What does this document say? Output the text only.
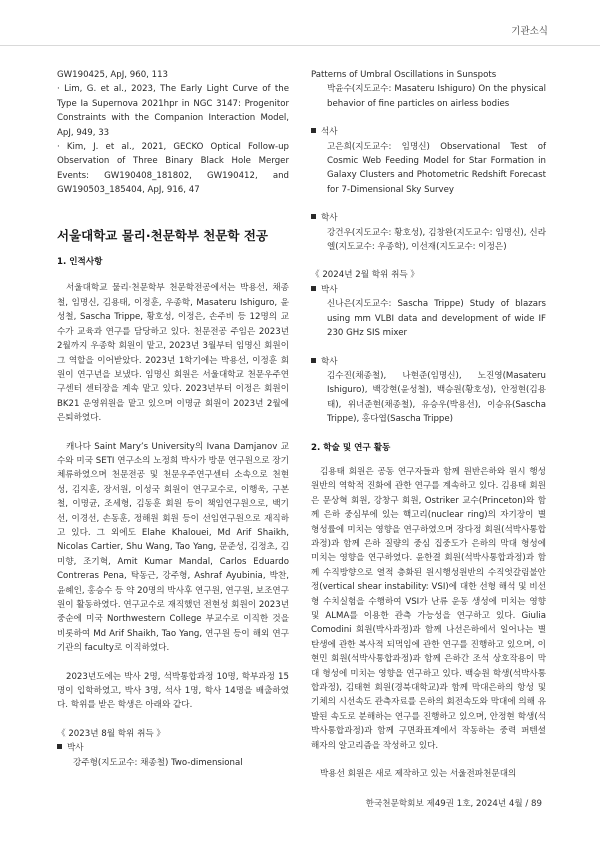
기관소식

GW190425, ApJ, 960, 113

· Lim, G. et al., 2023, The Early Light Curve of the Type Ia Supernova 2021hpr in NGC 3147: Progenitor Constraints with the Companion Interaction Model, ApJ, 949, 33

· Kim, J. et al., 2021, GECKO Optical Follow-up Observation of Three Binary Black Hole Merger Events: GW190408_181802, GW190412, and GW190503_185404, ApJ, 916, 47

서울대학교 물리·천문학부 천문학 전공

1. 인적사항

서울대학교 물리·천문학부 천문학전공에서는 박용선, 채종철, 임명신, 김용태, 이정훈, 우종학, Masateru Ishiguro, 윤성철, Sascha Trippe, 황호성, 이정은, 손주비 등 12명의 교수가 교육과 연구를 담당하고 있다. 천문전공 주임은 2023년 2월까지 우종학 회원이 맡고, 2023년 3월부터 임명신 회원이 그 역할을 이어받았다. 2023년 1학기에는 박용선, 이정훈 회원이 연구년을 보냈다. 임명신 회원은 서울대학교 천문우주연구센터 센터장을 계속 맡고 있다. 2023년부터 이정은 회원이 BK21 운영위원을 맡고 있으며 이명균 회원이 2023년 2월에 은퇴하였다.

캐나다 Saint Mary’s University의 Ivana Damjanov 교수와 미국 SETI 연구소의 노정희 박사가 방문 연구원으로 장기 체류하였으며 천문전공 및 천문우주연구센터 소속으로 천현성, 김지훈, 장서원, 이성국 회원이 연구교수로, 이행욱, 구본철, 이명균, 조세형, 김동훈 회원 등이 책임연구원으로, 백기선, 이경선, 손동훈, 정해원 회원 등이 선임연구원으로 재직하고 있다. 그 외에도 Elahe Khalouei, Md Arif Shaikh, Nicolas Cartier, Shu Wang, Tao Yang, 문준성, 김정초, 김미향, 조기혁, Amit Kumar Mandal, Carlos Eduardo Contreras Pena, 탁동근, 강주형, Ashraf Ayubinia, 박찬, 윤혜인, 홍승수 등 약 20명의 박사후 연구원, 연구원, 보조연구원이 활동하였다. 연구교수로 재직했던 전현성 회원이 2023년 중순에 미국 Northwestern College 부교수로 이직한 것을 비롯하여 Md Arif Shaikh, Tao Yang, 연구원 등이 해외 연구기관의 faculty로 이직하였다.

2023년도에는 박사 2명, 석박통합과정 10명, 학부과정 15명이 입학하였고, 박사 3명, 석사 1명, 학사 14명을 배출하였다. 학위를 받은 학생은 아래와 같다.

《 2023년 8월 학위 취득 》

박사

강주형(지도교수: 채종철) Two-dimensional

Patterns of Umbral Oscillations in Sunspots

박윤수(지도교수: Masateru Ishiguro) On the physical behavior of fine particles on airless bodies

석사

고은희(지도교수: 임명신) Observational Test of Cosmic Web Feeding Model for Star Formation in Galaxy Clusters and Photometric Redshift Forecast for 7-Dimensional Sky Survey

학사

강건우(지도교수: 황호성), 김창완(지도교수: 임명신), 신라엘(지도교수: 우종학), 이선재(지도교수: 이정은)

《 2024년 2월 학위 취득 》

박사

신나은(지도교수: Sascha Trippe) Study of blazars using mm VLBI data and development of wide IF 230 GHz SIS mixer

학사

김수진(채종철), 나현준(임명신), 노진영(Masateru Ishiguro), 백강현(윤성철), 백승원(황호성), 안정현(김용태), 위너준현(채종철), 유승우(박용선), 이승유(Sascha Trippe), 홍다엽(Sascha Trippe)

2. 학술 및 연구 활동

김용태 회원은 공동 연구자들과 함께 원반은하와 원시 행성원반의 역학적 진화에 관한 연구를 계속하고 있다. 김용태 회원은 문상혁 회원, 강창구 회원, Ostriker 교수(Princeton)와 함께 은하 중심부에 있는 핵고리(nuclear ring)의 자기장이 별 형성률에 미치는 영향을 연구하였으며 장다정 회원(석박사통합과정)과 함께 은하 질량의 중심 집중도가 은하의 막대 형성에 미치는 영향을 연구하였다. 윤한결 회원(석박사통합과정)과 함께 수직방향으로 열적 층화된 원시행성원반의 수직엇갈림불안정(vertical shear instability: VSI)에 대한 선형 해석 및 비선형 수치실험을 수행하여 VSI가 난류 운동 생성에 미치는 영향 및 ALMA를 이용한 관측 가능성을 연구하고 있다. Giulia Comodini 회원(박사과정)과 함께 나선은하에서 일어나는 별 탄생에 관한 복사적 되먹임에 관한 연구를 진행하고 있으며, 이현민 회원(석박사통합과정)과 함께 은하간 조석 상호작용이 막대 형성에 미치는 영향을 연구하고 있다. 백승원 학생(석박사통합과정), 김태현 회원(경북대학교)과 함께 막대은하의 항성 및 기체의 시선속도 관측자료를 은하의 회전속도와 막대에 의해 유발된 속도로 분해하는 연구를 진행하고 있으며, 안정현 학생(석박사통합과정)과 함께 구면좌표계에서 작동하는 중력 퍼텐셜 해자의 알고리즘을 작성하고 있다.

박용선 회원은 새로 제작하고 있는 서울전파천문대의

한국천문학회보 제49권 1호, 2024년 4월 / 89
